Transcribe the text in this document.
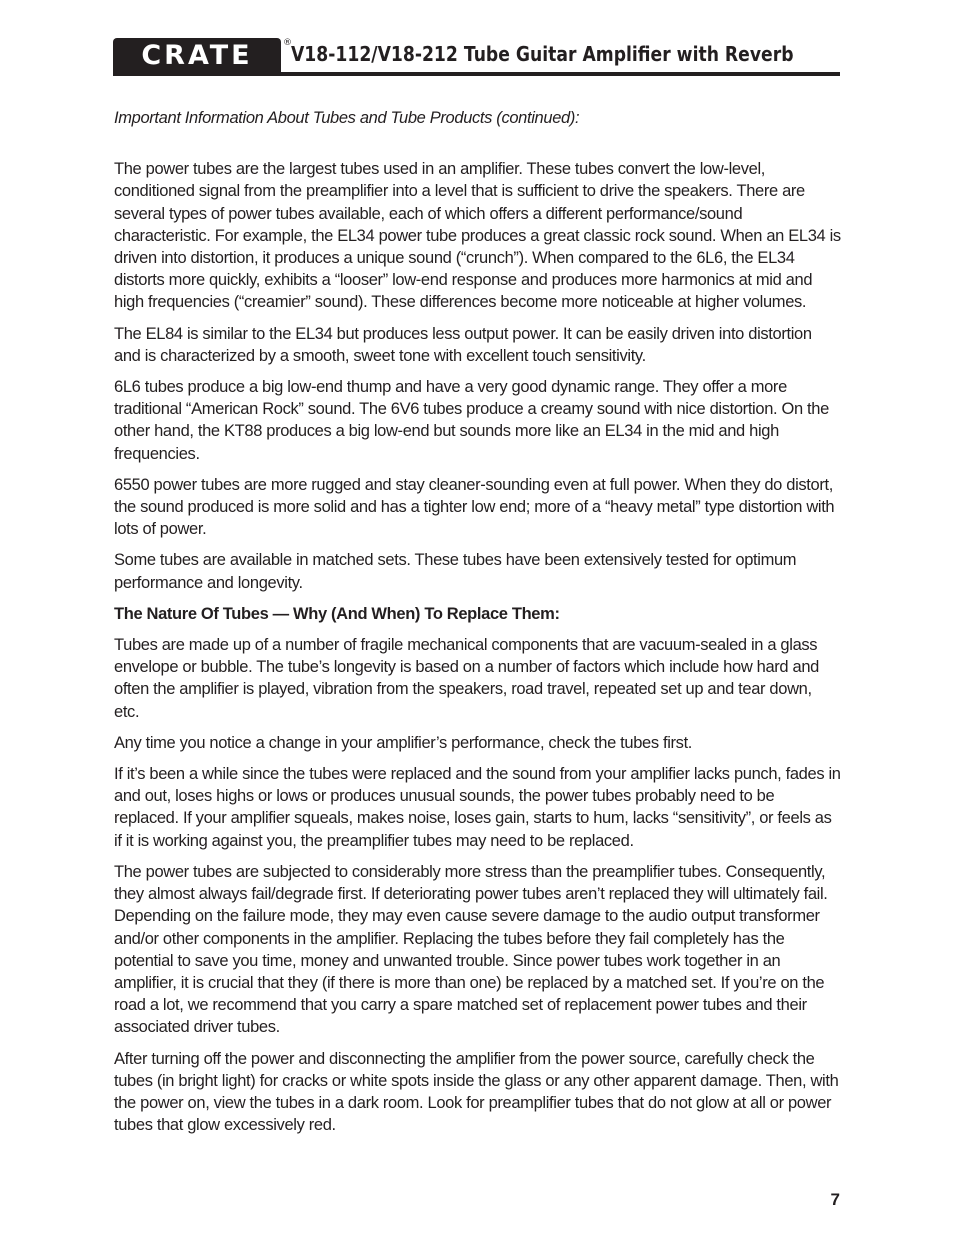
CRATE	® V18-112/V18-212 Tube Guitar Amplifier with Reverb

Important Information About Tubes and Tube Products (continued):

The power tubes are the largest tubes used in an amplifier. These tubes convert the low-level, conditioned signal from the preamplifier into a level that is sufficient to drive the speakers. There are several types of power tubes available, each of which offers a different performance/sound characteristic. For example, the EL34 power tube produces a great classic rock sound. When an EL34 is driven into distortion, it produces a unique sound (“crunch”). When compared to the 6L6, the EL34 distorts more quickly, exhibits a “looser” low-end response and produces more harmonics at mid and high frequencies (“creamier” sound). These differences become more noticeable at higher volumes.

The EL84 is similar to the EL34 but produces less output power. It can be easily driven into distortion and is characterized by a smooth, sweet tone with excellent touch sensitivity.

6L6 tubes produce a big low-end thump and have a very good dynamic range. They offer a more traditional “American Rock” sound. The 6V6 tubes produce a creamy sound with nice distortion. On the other hand, the KT88 produces a big low-end but sounds more like an EL34 in the mid and high frequencies.

6550 power tubes are more rugged and stay cleaner-sounding even at full power. When they do distort, the sound produced is more solid and has a tighter low end; more of a “heavy metal” type distortion with lots of power.

Some tubes are available in matched sets. These tubes have been extensively tested for optimum performance and longevity.

The Nature Of Tubes — Why (And When) To Replace Them:

Tubes are made up of a number of fragile mechanical components that are vacuum-sealed in a glass envelope or bubble. The tube’s longevity is based on a number of factors which include how hard and often the amplifier is played, vibration from the speakers, road travel, repeated set up and tear down, etc.

Any time you notice a change in your amplifier’s performance, check the tubes first.

If it’s been a while since the tubes were replaced and the sound from your amplifier lacks punch, fades in and out, loses highs or lows or produces unusual sounds, the power tubes probably need to be replaced. If your amplifier squeals, makes noise, loses gain, starts to hum, lacks “sensitivity”, or feels as if it is working against you, the preamplifier tubes may need to be replaced.

The power tubes are subjected to considerably more stress than the preamplifier tubes. Consequently, they almost always fail/degrade first. If deteriorating power tubes aren’t replaced they will ultimately fail. Depending on the failure mode, they may even cause severe damage to the audio output transformer and/or other components in the amplifier. Replacing the tubes before they fail completely has the potential to save you time, money and unwanted trouble. Since power tubes work together in an amplifier, it is crucial that they (if there is more than one) be replaced by a matched set. If you’re on the road a lot, we recommend that you carry a spare matched set of replacement power tubes and their associated driver tubes.

After turning off the power and disconnecting the amplifier from the power source, carefully check the tubes (in bright light) for cracks or white spots inside the glass or any other apparent damage. Then, with the power on, view the tubes in a dark room. Look for preamplifier tubes that do not glow at all or power tubes that glow excessively red.

7
